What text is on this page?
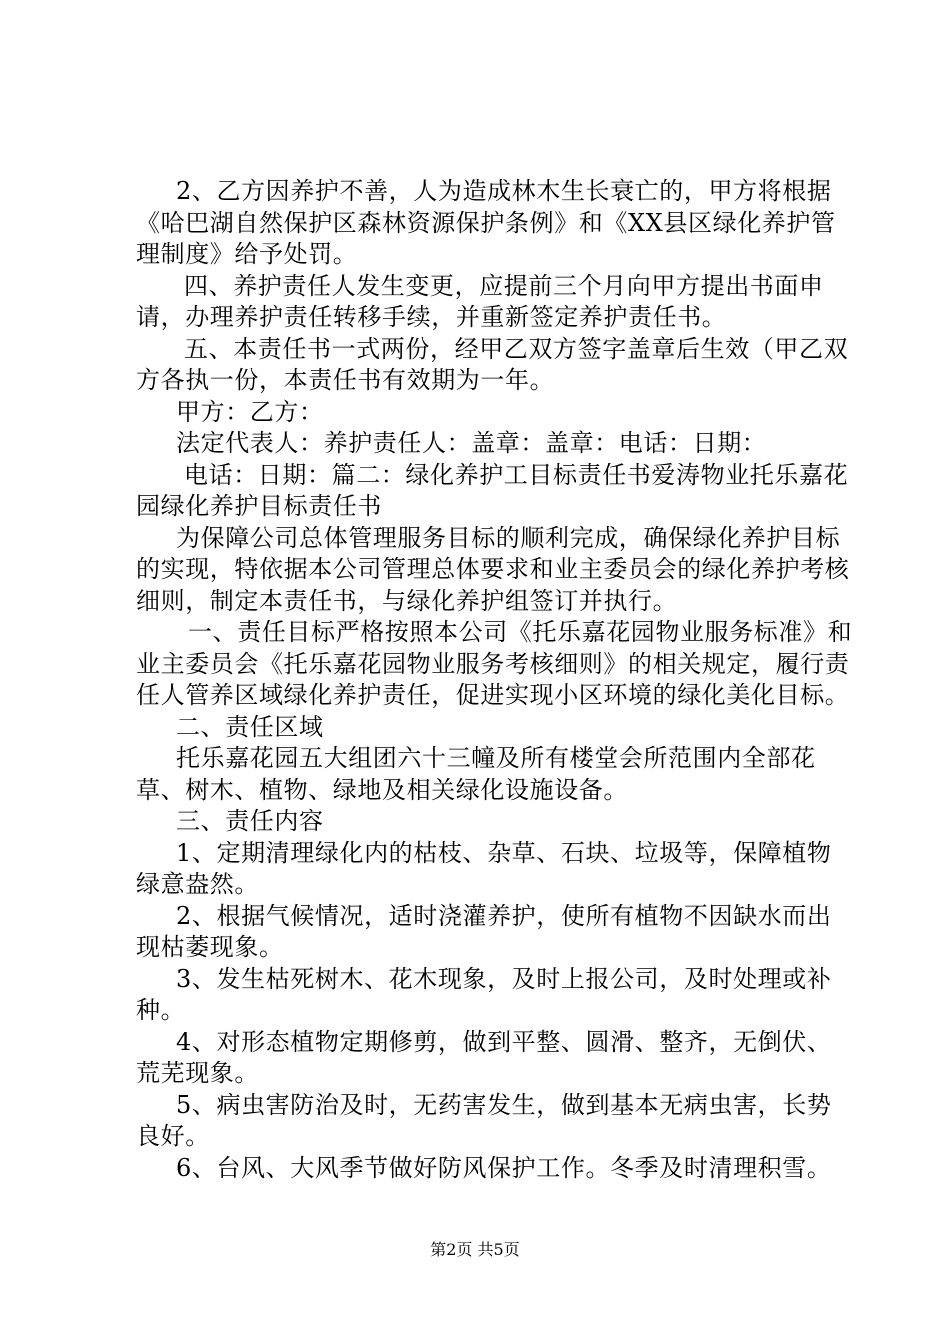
2、乙方因养护不善，人为造成林木生长衰亡的，甲方将根据《哈巴湖自然保护区森林资源保护条例》和《XX县区绿化养护管理制度》给予处罚。

四、养护责任人发生变更，应提前三个月向甲方提出书面申请，办理养护责任转移手续，并重新签定养护责任书。

五、本责任书一式两份，经甲乙双方签字盖章后生效（甲乙双方各执一份，本责任书有效期为一年。

甲方：乙方：

法定代表人：养护责任人：盖章：盖章：电话：日期：

电话：日期：篇二：绿化养护工目标责任书爱涛物业托乐嘉花园绿化养护目标责任书

为保障公司总体管理服务目标的顺利完成，确保绿化养护目标的实现，特依据本公司管理总体要求和业主委员会的绿化养护考核细则，制定本责任书，与绿化养护组签订并执行。

一、责任目标严格按照本公司《托乐嘉花园物业服务标准》和业主委员会《托乐嘉花园物业服务考核细则》的相关规定，履行责任人管养区域绿化养护责任，促进实现小区环境的绿化美化目标。

二、责任区域

托乐嘉花园五大组团六十三幢及所有楼堂会所范围内全部花草、树木、植物、绿地及相关绿化设施设备。

三、责任内容

1、定期清理绿化内的枯枝、杂草、石块、垃圾等，保障植物绿意盎然。

2、根据气候情况，适时浇灌养护，使所有植物不因缺水而出现枯萎现象。

3、发生枯死树木、花木现象，及时上报公司，及时处理或补种。

4、对形态植物定期修剪，做到平整、圆滑、整齐，无倒伏、荒芜现象。

5、病虫害防治及时，无药害发生，做到基本无病虫害，长势良好。

6、台风、大风季节做好防风保护工作。冬季及时清理积雪。

第2页 共5页
